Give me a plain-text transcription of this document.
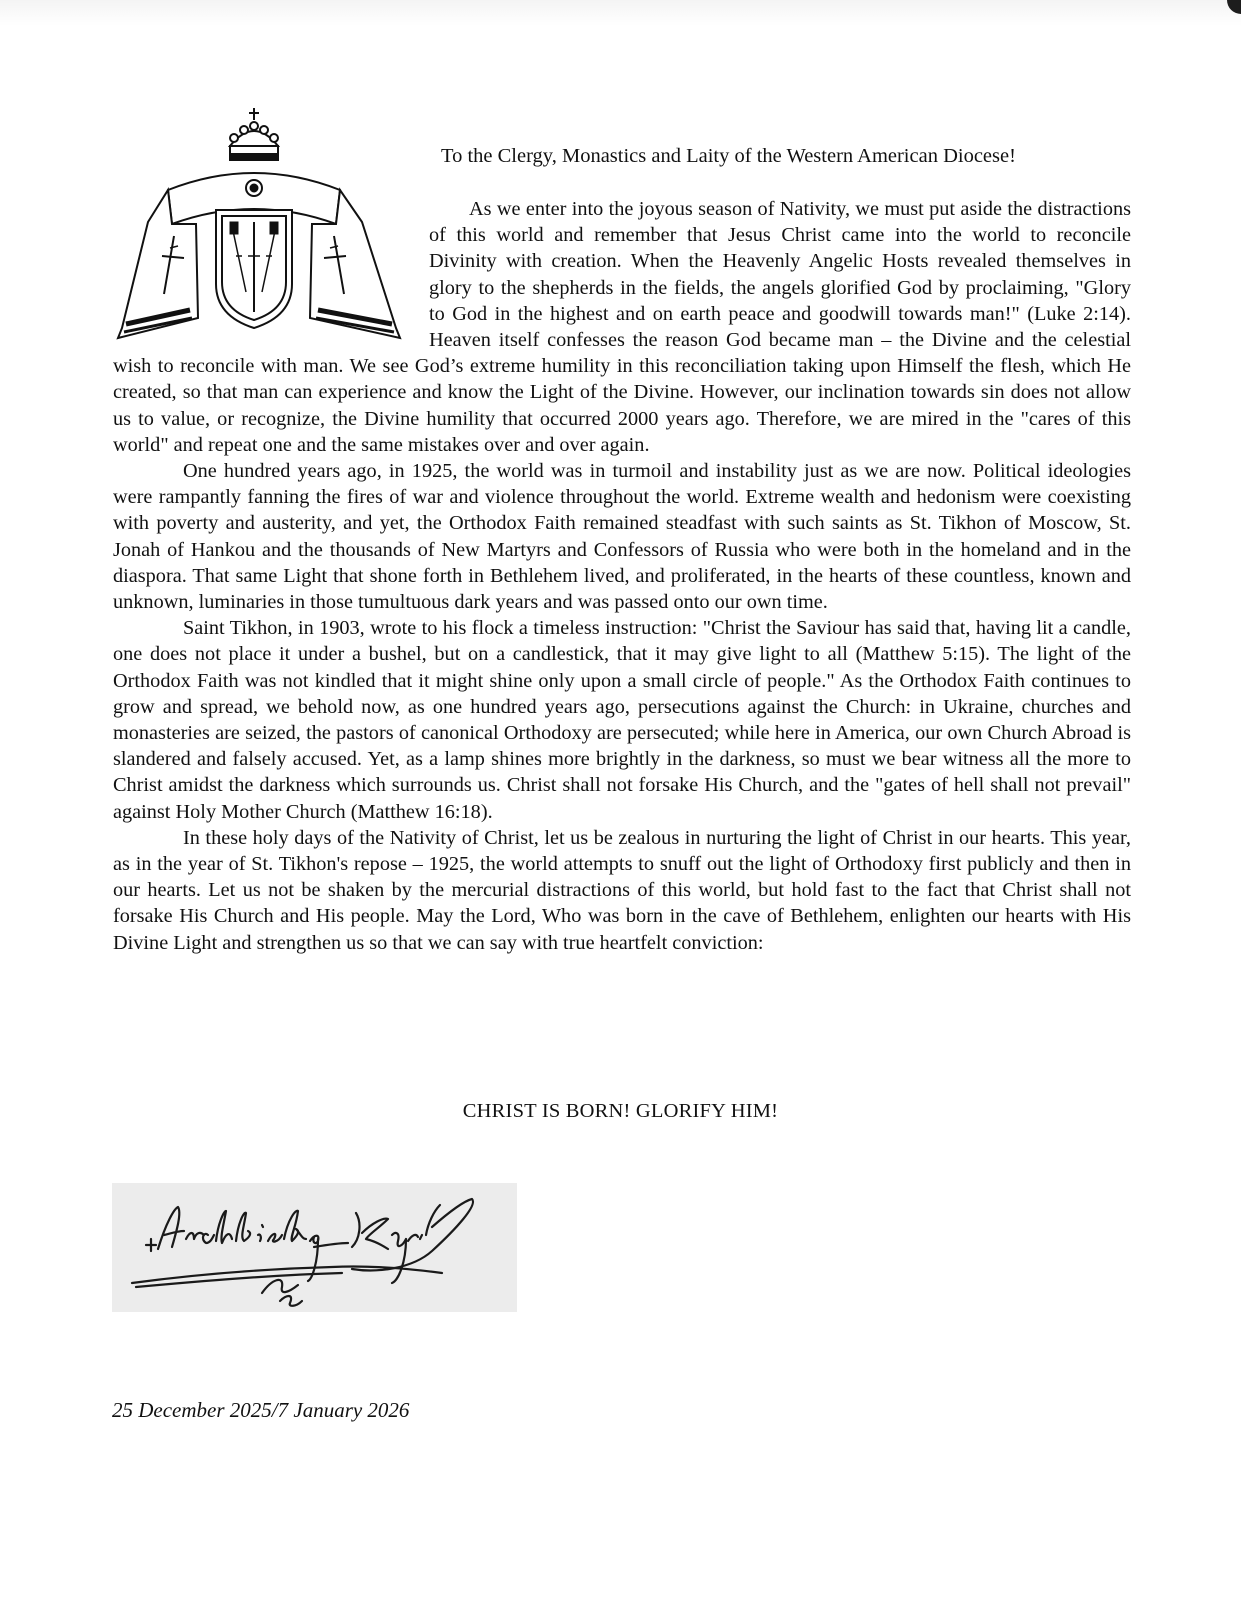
To the Clergy, Monastics and Laity of the Western American Diocese!

As we enter into the joyous season of Nativity, we must put aside the distractions of this world and remember that Jesus Christ came into the world to reconcile Divinity with creation. When the Heavenly Angelic Hosts revealed themselves in glory to the shepherds in the fields, the angels glorified God by proclaiming, "Glory to God in the highest and on earth peace and goodwill towards man!" (Luke 2:14). Heaven itself confesses the reason God became man – the Divine and the celestial wish to reconcile with man. We see God’s extreme humility in this reconciliation taking upon Himself the flesh, which He created, so that man can experience and know the Light of the Divine. However, our inclination towards sin does not allow us to value, or recognize, the Divine humility that occurred 2000 years ago. Therefore, we are mired in the "cares of this world" and repeat one and the same mistakes over and over again.

One hundred years ago, in 1925, the world was in turmoil and instability just as we are now. Political ideologies were rampantly fanning the fires of war and violence throughout the world. Extreme wealth and hedonism were coexisting with poverty and austerity, and yet, the Orthodox Faith remained steadfast with such saints as St. Tikhon of Moscow, St. Jonah of Hankou and the thousands of New Martyrs and Confessors of Russia who were both in the homeland and in the diaspora. That same Light that shone forth in Bethlehem lived, and proliferated, in the hearts of these countless, known and unknown, luminaries in those tumultuous dark years and was passed onto our own time.

Saint Tikhon, in 1903, wrote to his flock a timeless instruction: "Christ the Saviour has said that, having lit a candle, one does not place it under a bushel, but on a candlestick, that it may give light to all (Matthew 5:15). The light of the Orthodox Faith was not kindled that it might shine only upon a small circle of people." As the Orthodox Faith continues to grow and spread, we behold now, as one hundred years ago, persecutions against the Church: in Ukraine, churches and monasteries are seized, the pastors of canonical Orthodoxy are persecuted; while here in America, our own Church Abroad is slandered and falsely accused. Yet, as a lamp shines more brightly in the darkness, so must we bear witness all the more to Christ amidst the darkness which surrounds us. Christ shall not forsake His Church, and the "gates of hell shall not prevail" against Holy Mother Church (Matthew 16:18).

In these holy days of the Nativity of Christ, let us be zealous in nurturing the light of Christ in our hearts. This year, as in the year of St. Tikhon's repose – 1925, the world attempts to snuff out the light of Orthodoxy first publicly and then in our hearts. Let us not be shaken by the mercurial distractions of this world, but hold fast to the fact that Christ shall not forsake His Church and His people. May the Lord, Who was born in the cave of Bethlehem, enlighten our hearts with His Divine Light and strengthen us so that we can say with true heartfelt conviction:

CHRIST IS BORN! GLORIFY HIM!
25 December 2025/7 January 2026
